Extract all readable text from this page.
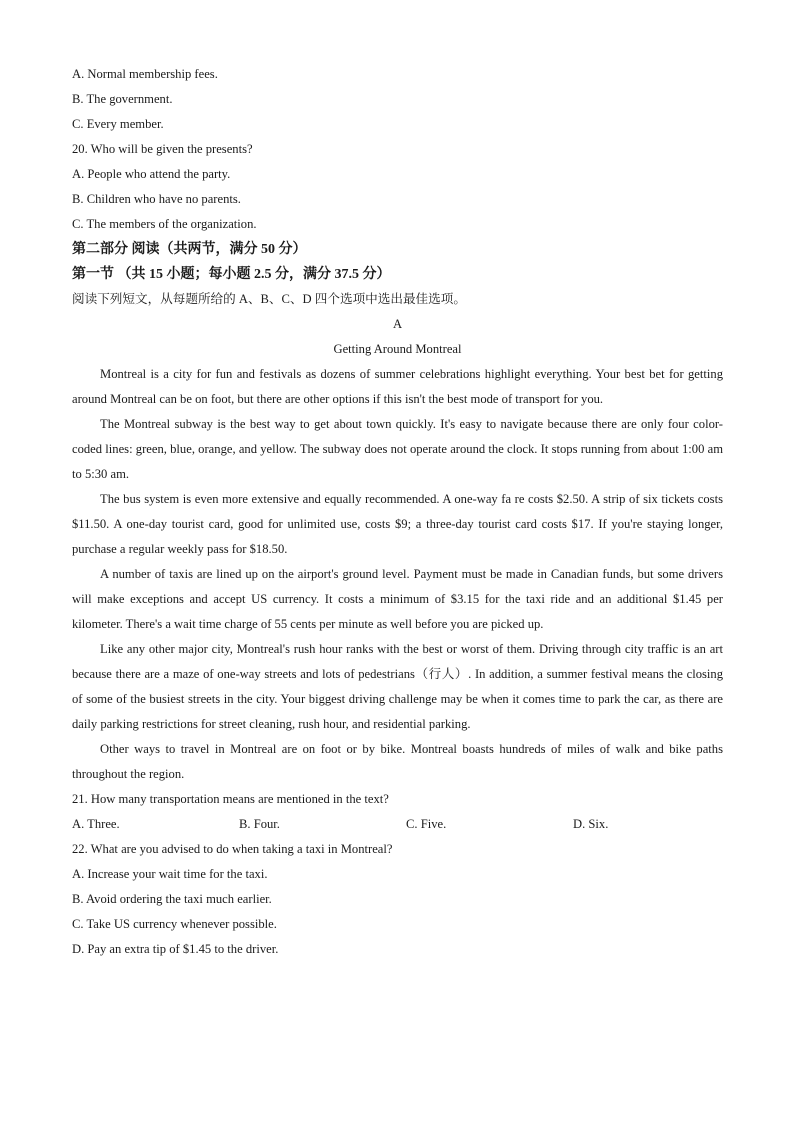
A. Normal membership fees.
B. The government.
C. Every member.
20. Who will be given the presents?
A. People who attend the party.
B. Children who have no parents.
C. The members of the organization.
第二部分 阅读（共两节，满分 50 分）
第一节 （共 15 小题；每小题 2.5 分，满分 37.5 分）
阅读下列短文，从每题所给的 A、B、C、D 四个选项中选出最佳选项。
A
Getting Around Montreal

Montreal is a city for fun and festivals as dozens of summer celebrations highlight everything. Your best bet for getting around Montreal can be on foot, but there are other options if this isn't the best mode of transport for you.

The Montreal subway is the best way to get about town quickly. It's easy to navigate because there are only four color-coded lines: green, blue, orange, and yellow. The subway does not operate around the clock. It stops running from about 1:00 am to 5:30 am.

The bus system is even more extensive and equally recommended. A one-way fa re costs $2.50. A strip of six tickets costs $11.50. A one-day tourist card, good for unlimited use, costs $9; a three-day tourist card costs $17. If you're staying longer, purchase a regular weekly pass for $18.50.

A number of taxis are lined up on the airport's ground level. Payment must be made in Canadian funds, but some drivers will make exceptions and accept US currency. It costs a minimum of $3.15 for the taxi ride and an additional $1.45 per kilometer. There's a wait time charge of 55 cents per minute as well before you are picked up.

Like any other major city, Montreal's rush hour ranks with the best or worst of them. Driving through city traffic is an art because there are a maze of one-way streets and lots of pedestrians（行人）. In addition, a summer festival means the closing of some of the busiest streets in the city. Your biggest driving challenge may be when it comes time to park the car, as there are daily parking restrictions for street cleaning, rush hour, and residential parking.

Other ways to travel in Montreal are on foot or by bike. Montreal boasts hundreds of miles of walk and bike paths throughout the region.

21. How many transportation means are mentioned in the text?
A. Three.	B. Four.	C. Five.	D. Six.
22. What are you advised to do when taking a taxi in Montreal?
A. Increase your wait time for the taxi.
B. Avoid ordering the taxi much earlier.
C. Take US currency whenever possible.
D. Pay an extra tip of $1.45 to the driver.
